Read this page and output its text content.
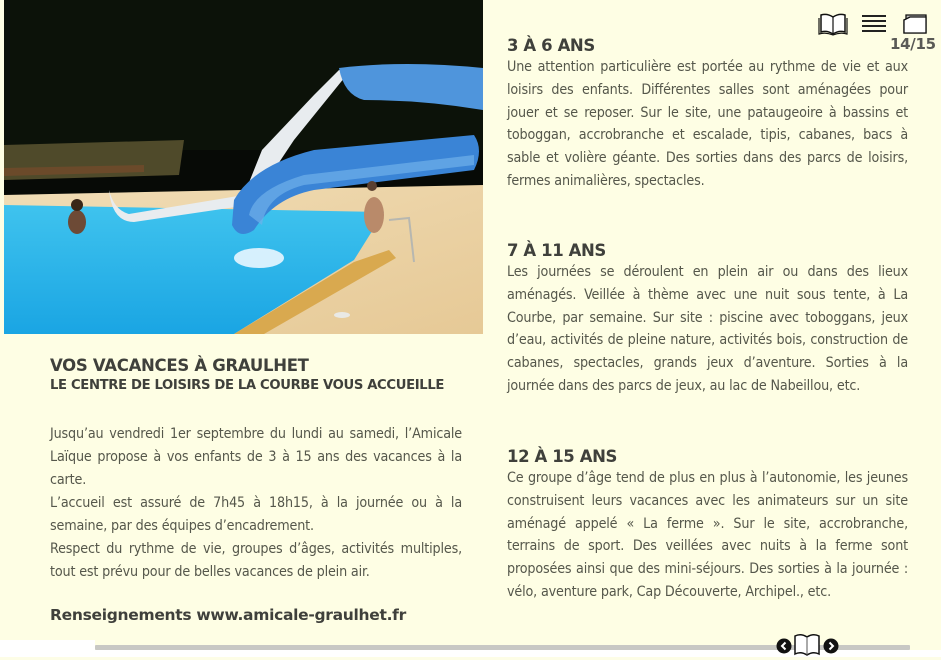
VOS VACANCES À GRAULHET
LE CENTRE DE LOISIRS DE LA COURBE VOUS ACCUEILLE

Jusqu’au vendredi 1er septembre du lundi au samedi, l’Amicale Laïque propose à vos enfants de 3 à 15 ans des vacances à la carte.

L’accueil est assuré de 7h45 à 18h15, à la journée ou à la semaine, par des équipes d’encadrement.

Respect du rythme de vie, groupes d’âges, activités multiples, tout est prévu pour de belles vacances de plein air.

Renseignements www.amicale-graulhet.fr
3 À 6 ANS

Une attention particulière est portée au rythme de vie et aux loisirs des enfants. Différentes salles sont aménagées pour jouer et se reposer. Sur le site, une pataugeoire à bassins et toboggan, accrobranche et escalade, tipis, cabanes, bacs à sable et volière géante. Des sorties dans des parcs de loisirs, fermes animalières, spectacles.

7 À 11 ANS

Les journées se déroulent en plein air ou dans des lieux aménagés. Veillée à thème avec une nuit sous tente, à La Courbe, par semaine. Sur site : piscine avec toboggans, jeux d’eau, activités de pleine nature, activités bois, construction de cabanes, spectacles, grands jeux d’aventure. Sorties à la journée dans des parcs de jeux, au lac de Nabeillou, etc.

12 À 15 ANS

Ce groupe d’âge tend de plus en plus à l’autonomie, les jeunes construisent leurs vacances avec les animateurs sur un site aménagé appelé « La ferme ». Sur le site, accrobranche, terrains de sport. Des veillées avec nuits à la ferme sont proposées ainsi que des mini-séjours. Des sorties à la journée : vélo, aventure park, Cap Découverte, Archipel., etc.

14/15
